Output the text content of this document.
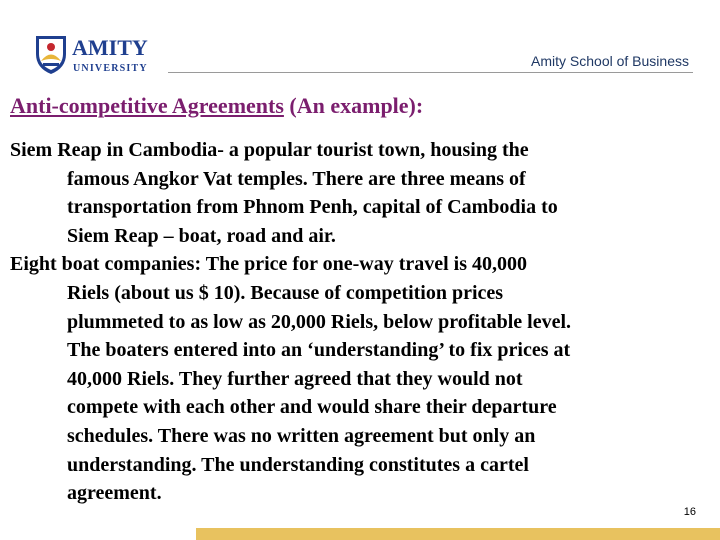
AMITY
UNIVERSITY	Amity School of Business
Anti-competitive Agreements (An example):
Siem Reap in Cambodia- a popular tourist town, housing the
famous Angkor Vat temples. There are three means of
transportation from Phnom Penh, capital of Cambodia to
Siem Reap – boat, road and air.
Eight boat companies: The price for one-way travel is 40,000
Riels (about us $ 10). Because of competition prices
plummeted to as low as 20,000 Riels, below profitable level.
The boaters entered into an ‘understanding’ to fix prices at
40,000 Riels. They further agreed that they would not
compete with each other and would share their departure
schedules. There was no written agreement but only an
understanding. The understanding constitutes a cartel
agreement.
16
